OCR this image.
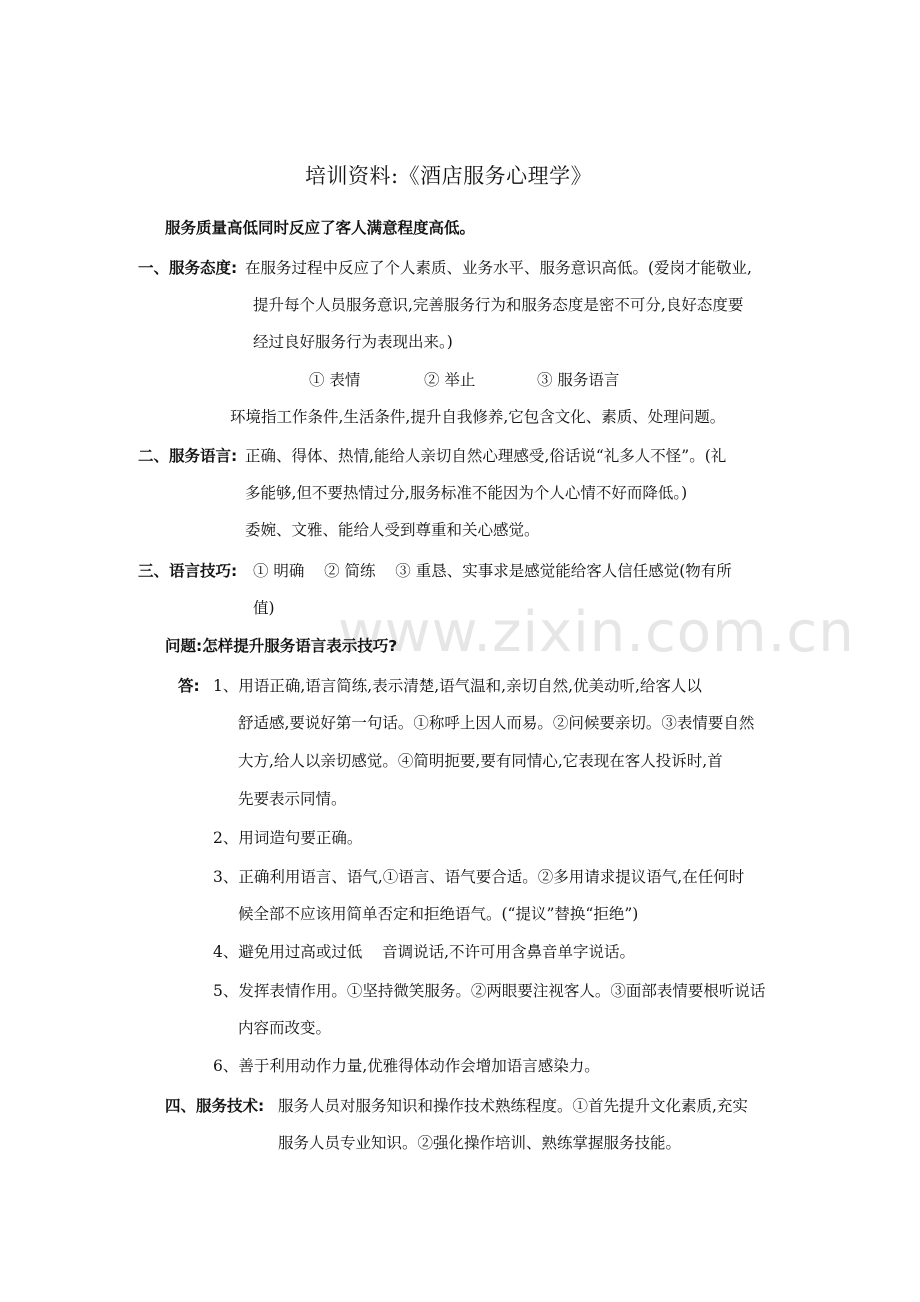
www.zixin.com.cn
培训资料:《酒店服务心理学》
服务质量高低同时反应了客人满意程度高低。
一、服务态度: 在服务过程中反应了个人素质、业务水平、服务意识高低。(爱岗才能敬业,
提升每个人员服务意识,完善服务行为和服务态度是密不可分,良好态度要
经过良好服务行为表现出来。)
① 表情	② 举止	③ 服务语言
环境指工作条件,生活条件,提升自我修养,它包含文化、素质、处理问题。
二、服务语言: 正确、得体、热情,能给人亲切自然心理感受,俗话说“礼多人不怪”。(礼
多能够,但不要热情过分,服务标准不能因为个人心情不好而降低。)
委婉、文雅、能给人受到尊重和关心感觉。
三、语言技巧: ① 明确    ② 简练    ③ 重恳、实事求是感觉能给客人信任感觉(物有所
值)
问题:怎样提升服务语言表示技巧?
答: 1、用语正确,语言简练,表示清楚,语气温和,亲切自然,优美动听,给客人以
舒适感,要说好第一句话。①称呼上因人而易。②问候要亲切。③表情要自然
大方,给人以亲切感觉。④简明扼要,要有同情心,它表现在客人投诉时,首
先要表示同情。
2、用词造句要正确。
3、正确利用语言、语气,①语言、语气要合适。②多用请求提议语气,在任何时
候全部不应该用简单否定和拒绝语气。(“提议”替换“拒绝”)
4、避免用过高或过低    音调说话,不许可用含鼻音单字说话。
5、发挥表情作用。①坚持微笑服务。②两眼要注视客人。③面部表情要根听说话
内容而改变。
6、善于利用动作力量,优雅得体动作会增加语言感染力。
四、服务技术: 服务人员对服务知识和操作技术熟练程度。①首先提升文化素质,充实
服务人员专业知识。②强化操作培训、熟练掌握服务技能。
